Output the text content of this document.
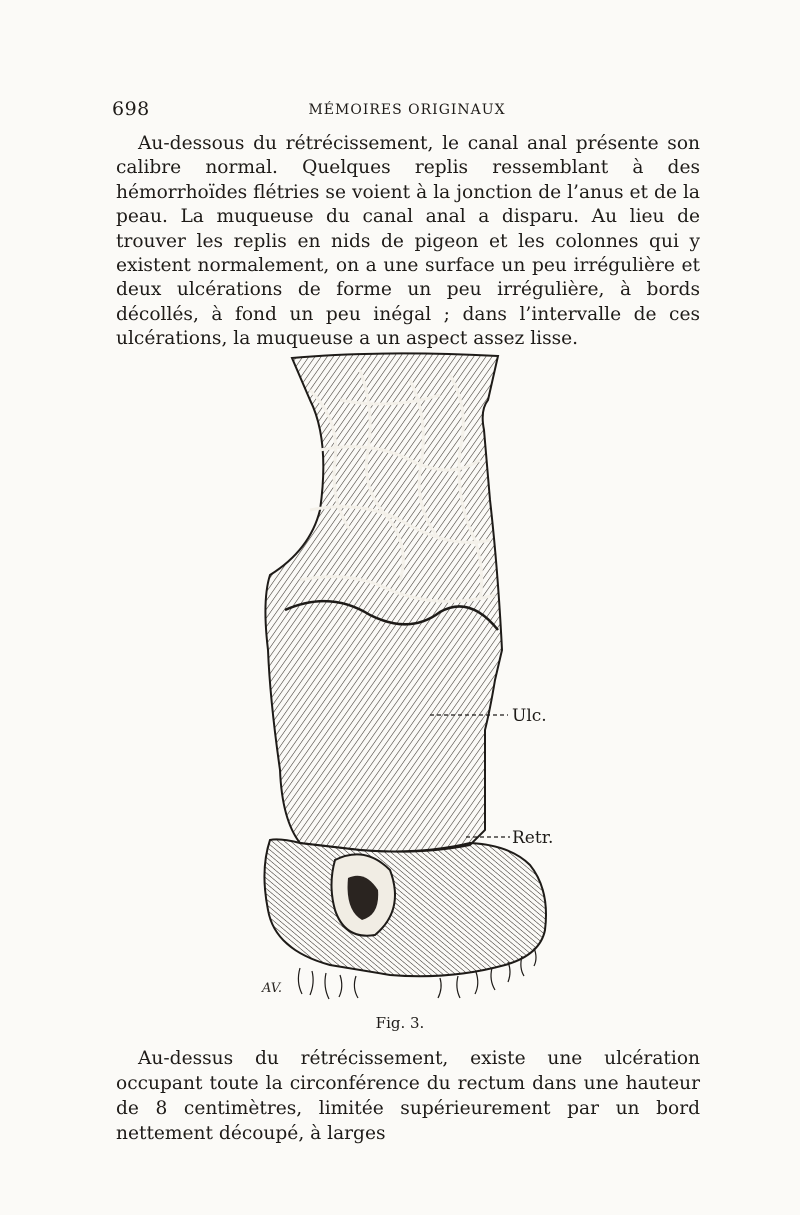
698	MÉMOIRES ORIGINAUX

Au-dessous du rétrécissement, le canal anal présente son calibre normal. Quelques replis ressemblant à des hémorrhoïdes flétries se voient à la jonction de l’anus et de la peau. La muqueuse du canal anal a disparu. Au lieu de trouver les replis en nids de pigeon et les colonnes qui y existent normalement, on a une surface un peu irrégulière et deux ulcérations de forme un peu irrégulière, à bords décollés, à fond un peu inégal ; dans l’intervalle de ces ulcérations, la muqueuse a un aspect assez lisse.

Ulc.
Retr.
AV.
Fig. 3.

Au-dessus du rétrécissement, existe une ulcération occupant toute la circonférence du rectum dans une hauteur de 8 centimètres, limitée supérieurement par un bord nettement découpé, à larges
